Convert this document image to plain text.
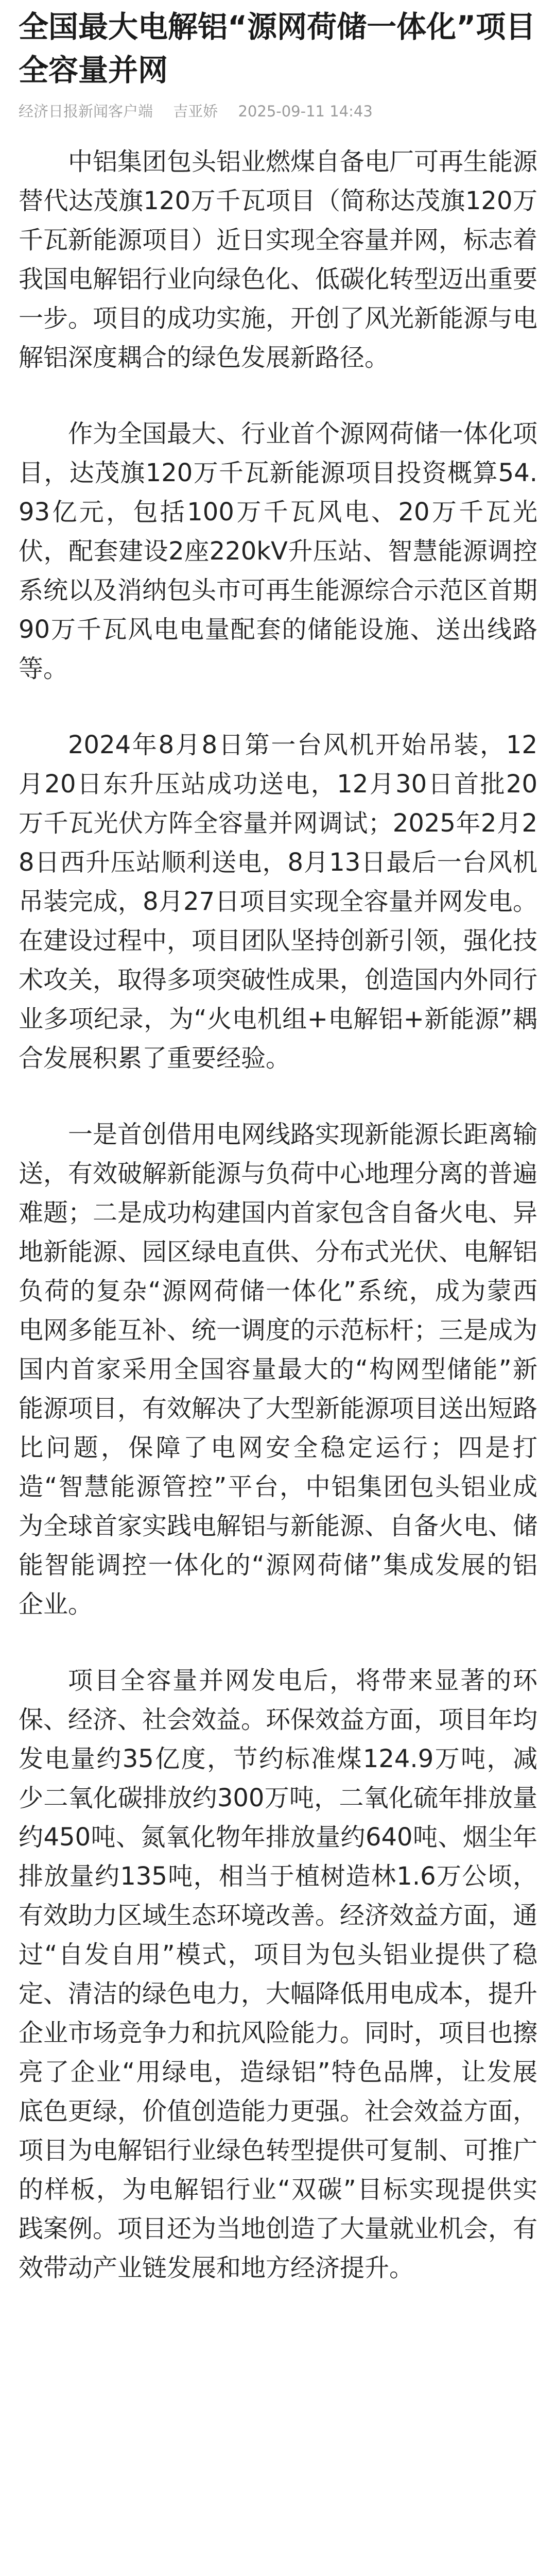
全国最大电解铝“源网荷储一体化”项目全容量并网
经济日报新闻客户端 吉亚娇 2025-09-11 14:43

中铝集团包头铝业燃煤自备电厂可再生能源替代达茂旗120万千瓦项目（简称达茂旗120万千瓦新能源项目）近日实现全容量并网，标志着我国电解铝行业向绿色化、低碳化转型迈出重要一步。项目的成功实施，开创了风光新能源与电解铝深度耦合的绿色发展新路径。

作为全国最大、行业首个源网荷储一体化项目，达茂旗120万千瓦新能源项目投资概算54.93亿元，包括100万千瓦风电、20万千瓦光伏，配套建设2座220kV升压站、智慧能源调控系统以及消纳包头市可再生能源综合示范区首期90万千瓦风电电量配套的储能设施、送出线路等。

2024年8月8日第一台风机开始吊装，12月20日东升压站成功送电，12月30日首批20万千瓦光伏方阵全容量并网调试；2025年2月28日西升压站顺利送电，8月13日最后一台风机吊装完成，8月27日项目实现全容量并网发电。在建设过程中，项目团队坚持创新引领，强化技术攻关，取得多项突破性成果，创造国内外同行业多项纪录，为“火电机组+电解铝+新能源”耦合发展积累了重要经验。

一是首创借用电网线路实现新能源长距离输送，有效破解新能源与负荷中心地理分离的普遍难题；二是成功构建国内首家包含自备火电、异地新能源、园区绿电直供、分布式光伏、电解铝负荷的复杂“源网荷储一体化”系统，成为蒙西电网多能互补、统一调度的示范标杆；三是成为国内首家采用全国容量最大的“构网型储能”新能源项目，有效解决了大型新能源项目送出短路比问题，保障了电网安全稳定运行；四是打造“智慧能源管控”平台，中铝集团包头铝业成为全球首家实践电解铝与新能源、自备火电、储能智能调控一体化的“源网荷储”集成发展的铝企业。

项目全容量并网发电后，将带来显著的环保、经济、社会效益。环保效益方面，项目年均发电量约35亿度，节约标准煤124.9万吨，减少二氧化碳排放约300万吨，二氧化硫年排放量约450吨、氮氧化物年排放量约640吨、烟尘年排放量约135吨，相当于植树造林1.6万公顷，有效助力区域生态环境改善。经济效益方面，通过“自发自用”模式，项目为包头铝业提供了稳定、清洁的绿色电力，大幅降低用电成本，提升企业市场竞争力和抗风险能力。同时，项目也擦亮了企业“用绿电，造绿铝”特色品牌，让发展底色更绿，价值创造能力更强。社会效益方面，项目为电解铝行业绿色转型提供可复制、可推广的样板，为电解铝行业“双碳”目标实现提供实践案例。项目还为当地创造了大量就业机会，有效带动产业链发展和地方经济提升。
